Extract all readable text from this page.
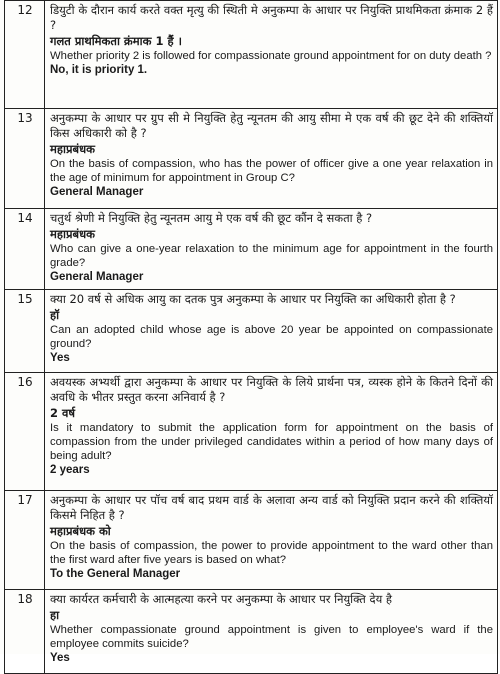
12	डियुटी के दौरान कार्य करते वक्त मृत्यु की स्थिती मे अनुकम्पा के आधार पर नियुक्ति प्राथमिकता क्रंमाक 2 हैं ?

गलत प्राथमिकता क्रंमाक 1 हैं ।

Whether priority 2 is followed for compassionate ground appointment for on duty death ?

No, it is priority 1.

13	अनुकम्पा के आधार पर ग्रुप सी मे नियुक्ति हेतु न्यूनतम की आयु सीमा मे एक वर्ष की छूट देने की शक्तियॉ किस अधिकारी को है ?

महाप्रबंधक

On the basis of compassion, who has the power of officer give a one year relaxation in the age of minimum for appointment in Group C?

General Manager

14	चतुर्थ श्रेणी मे नियुक्ति हेतु न्यूनतम आयु मे एक वर्ष की छूट कौंन दे सकता है ?

महाप्रबंधक

Who can give a one-year relaxation to the minimum age for appointment in the fourth grade?

General Manager

15	क्या 20 वर्ष से अधिक आयु का दतक पुत्र अनुकम्पा के आधार पर नियुक्ति का अधिकारी होता है ?

हॉ

Can an adopted child whose age is above 20 year be appointed on compassionate ground?

Yes

16	अवयस्क अभ्यर्थी द्वारा अनुकम्पा के आधार पर नियुक्ति के लिये प्रार्थना पत्र, व्यस्क होने के कितने दिनों की अवधि के भीतर प्रस्तुत करना अनिवार्य है ?

2 वर्ष

Is it mandatory to submit the application form for appointment on the basis of compassion from the under privileged candidates within a period of how many days of being adult?

2 years

17	अनुकम्पा के आधार पर पॉच वर्ष बाद प्रथम वार्ड के अलावा अन्य वार्ड को नियुक्ति प्रदान करने की शक्तियॉ किसमे निहित है ?

महाप्रबंधक को

On the basis of compassion, the power to provide appointment to the ward other than the first ward after five years is based on what?

To the General Manager

18	क्या कार्यरत कर्मचारी के आत्महत्या करने पर अनुकम्पा के आधार पर नियुक्ति देय है

हा

Whether compassionate ground appointment is given to employee's ward if the employee commits suicide?

Yes
